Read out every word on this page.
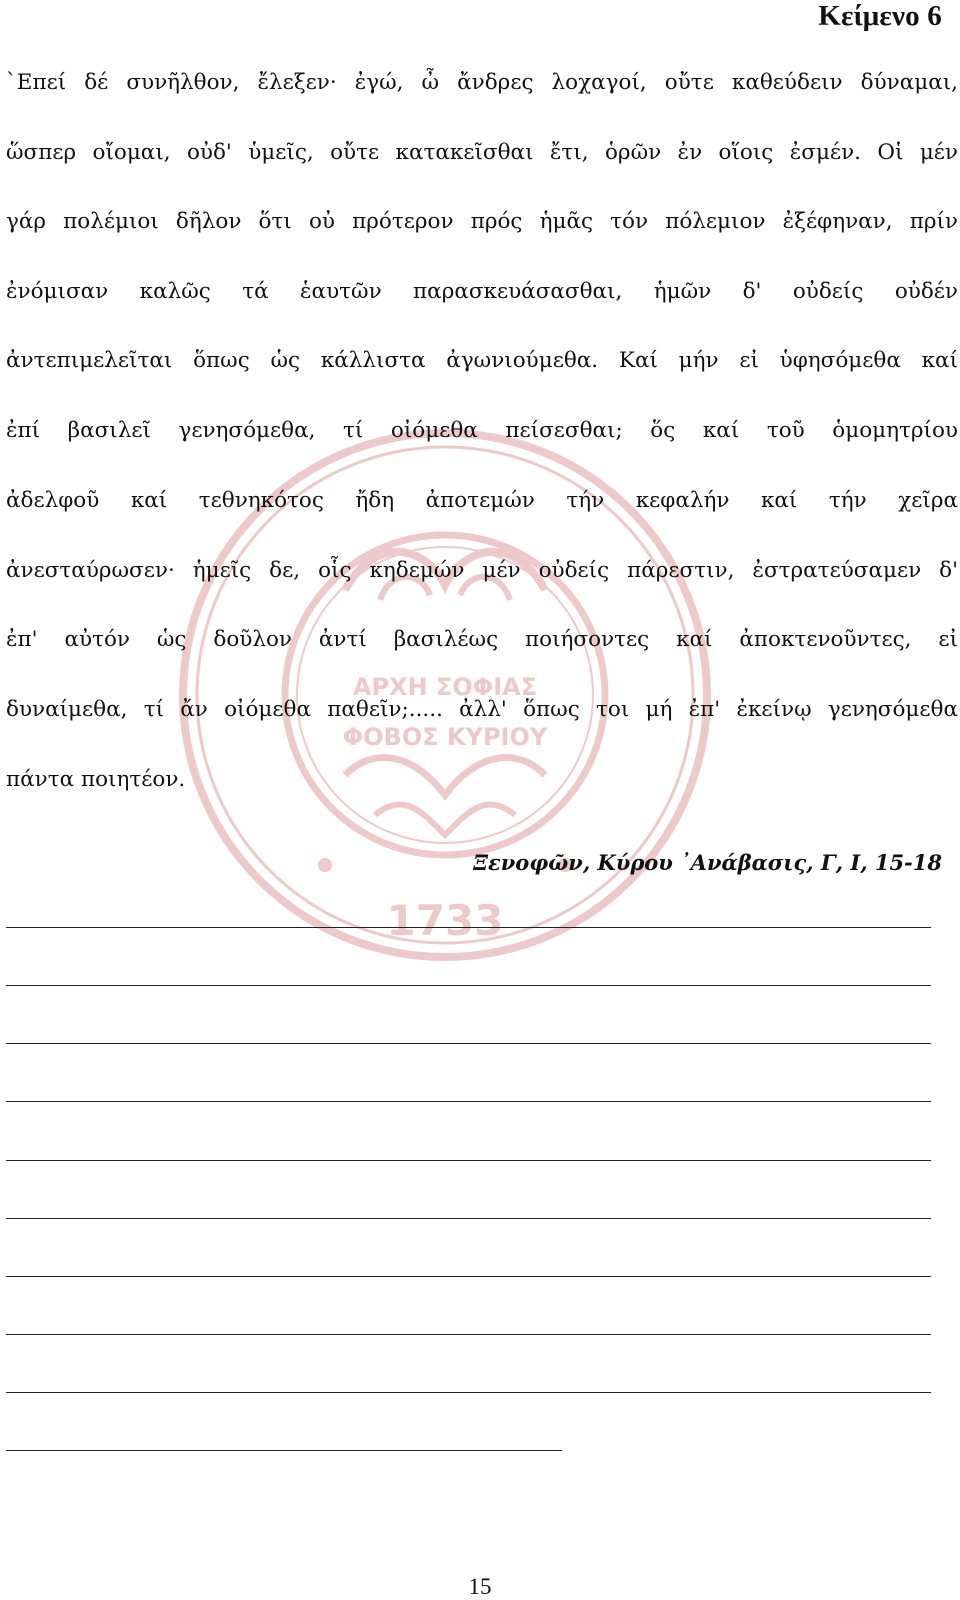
ΑΡΧΗ ΣΟΦΙΑΣ
ΦΟΒΟΣ ΚΥΡΙΟΥ
1733
Κείμενο 6
`Επεί δέ συνῆλθον, ἔλεξεν· ἐγώ, ὦ ἄνδρες λοχαγοί, οὔτε καθεύδειν δύναμαι,
ὥσπερ οἴομαι, οὐδ' ὑμεῖς, οὔτε κατακεῖσθαι ἔτι, ὁρῶν ἐν οἵοις ἐσμέν. Οἱ μέν
γάρ πολέμιοι δῆλον ὅτι οὐ πρότερον πρός ἡμᾶς τόν πόλεμιον ἐξέφηναν, πρίν
ἐνόμισαν καλῶς τά ἑαυτῶν παρασκευάσασθαι, ἡμῶν δ' οὐδείς οὐδέν
ἀντεπιμελεῖται ὅπως ὡς κάλλιστα ἀγωνιούμεθα. Καί μήν εἰ ὑφησόμεθα καί
ἐπί βασιλεῖ γενησόμεθα, τί οἰόμεθα πείσεσθαι; ὅς καί τοῦ ὁμομητρίου
ἀδελφοῦ καί τεθνηκότος ἤδη ἀποτεμών τήν κεφαλήν καί τήν χεῖρα
ἀνεσταύρωσεν· ἡμεῖς δε, οἷς κηδεμών μέν οὐδείς πάρεστιν, ἐστρατεύσαμεν δ'
ἐπ' αὐτόν ὡς δοῦλον ἀντί βασιλέως ποιήσοντες καί ἀποκτενοῦντες, εἰ
δυναίμεθα, τί ἄν οἰόμεθα παθεῖν;..... ἀλλ' ὅπως τοι μή ἐπ' ἐκείνῳ γενησόμεθα
πάντα ποιητέον.
Ξενοφῶν, Κύρου ᾿Ανάβασις, Γ, Ι, 15-18
15
